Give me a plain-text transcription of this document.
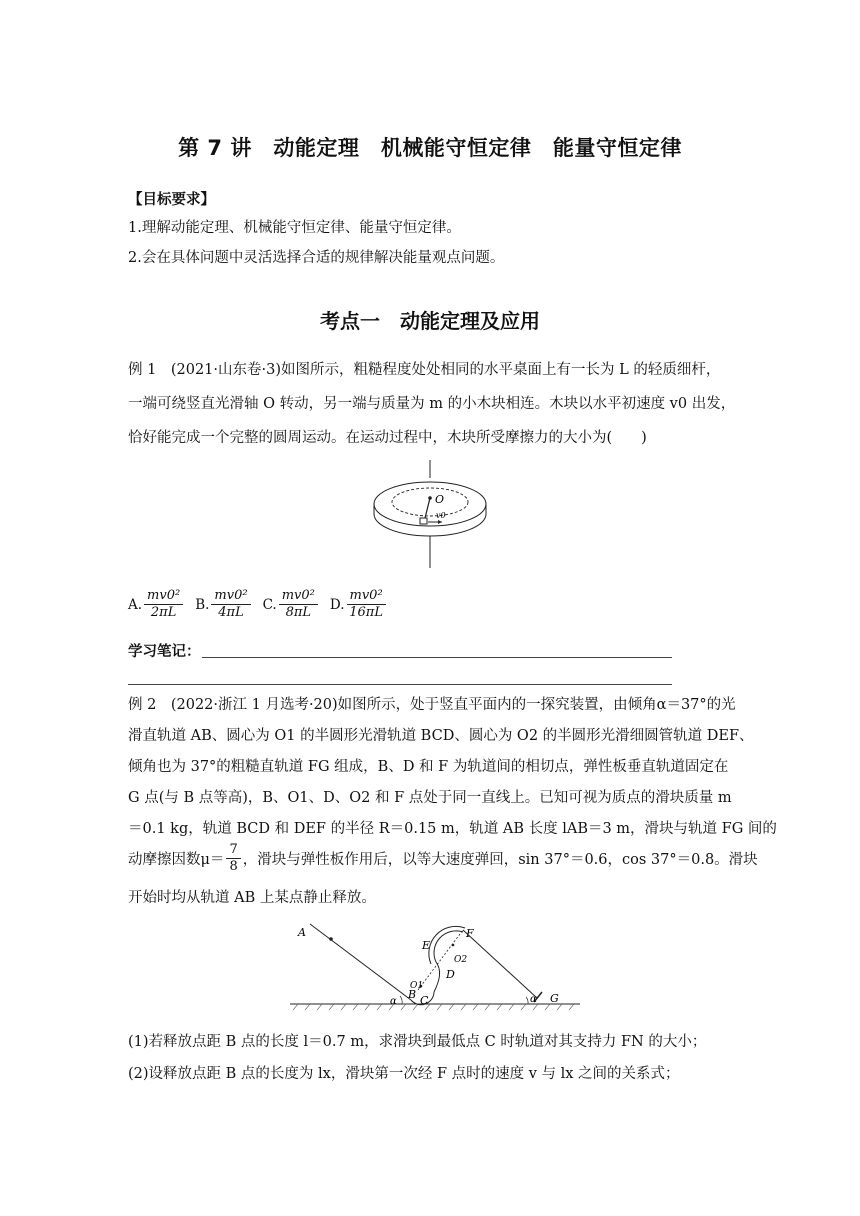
第 7 讲　动能定理　机械能守恒定律　能量守恒定律
【目标要求】
1.理解动能定理、机械能守恒定律、能量守恒定律。
2.会在具体问题中灵活选择合适的规律解决能量观点问题。
考点一　动能定理及应用
例 1　(2021·山东卷·3)如图所示，粗糙程度处处相同的水平桌面上有一长为 L 的轻质细杆，
一端可绕竖直光滑轴 O 转动，另一端与质量为 m 的小木块相连。木块以水平初速度 v0 出发，
恰好能完成一个完整的圆周运动。在运动过程中，木块所受摩擦力的大小为(　　)
O
v0
A. $\frac{\text{mv0²}}{2\pi L} B$. $\frac{\text{mv0²}}{4\pi L} C$. $\frac{\text{mv0²}}{8\pi L} D$. $\frac{\text{mv0²}}{16\pi L}$
学习笔记：
例 2　(2022·浙江 1 月选考·20)如图所示，处于竖直平面内的一探究装置，由倾角α＝37°的光
滑直轨道 AB、圆心为 O1 的半圆形光滑轨道 BCD、圆心为 O2 的半圆形光滑细圆管轨道 DEF、
倾角也为 37°的粗糙直轨道 FG 组成，B、D 和 F 为轨道间的相切点，弹性板垂直轨道固定在
G 点(与 B 点等高)，B、O1、D、O2 和 F 点处于同一直线上。已知可视为质点的滑块质量 m
＝0.1 kg，轨道 BCD 和 DEF 的半径 R＝0.15 m，轨道 AB 长度 lAB＝3 m，滑块与轨道 FG 间的
动摩擦因数$\mu= \frac{7}{8}$ ，滑块与弹性板作用后，以等大速度弹回，sin 37°＝0.6，cos 37°＝0.8。滑块
开始时均从轨道 AB 上某点静止释放。
A
B C
D
E
F
G
O1
O2
α	α
(1)若释放点距 B 点的长度 l＝0.7 m，求滑块到最低点 C 时轨道对其支持力 FN 的大小；
(2)设释放点距 B 点的长度为 lx，滑块第一次经 F 点时的速度 v 与 lx 之间的关系式；
